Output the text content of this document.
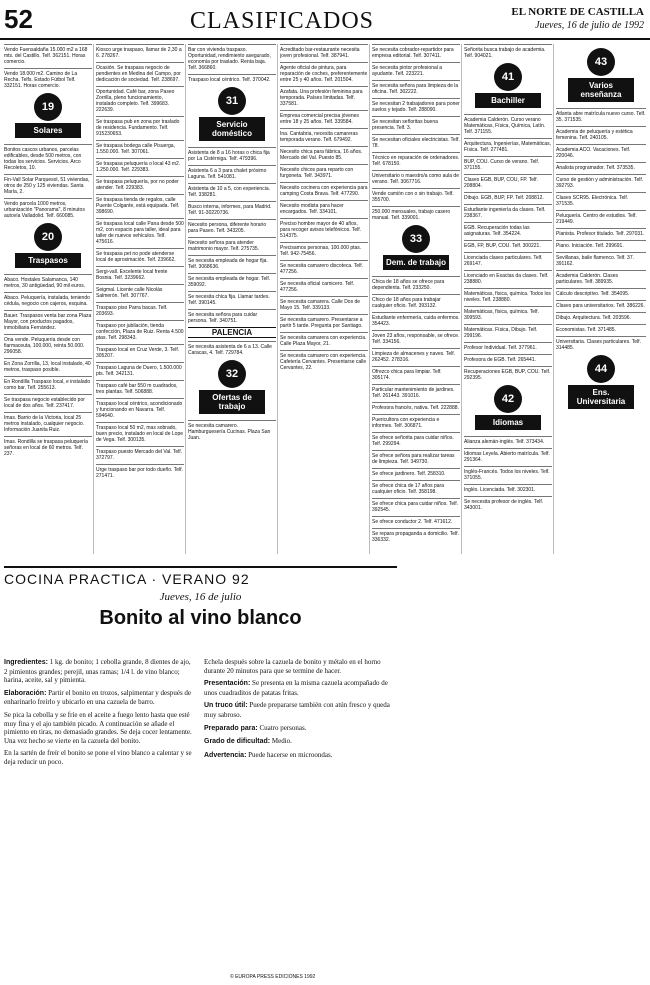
52	CLASIFICADOS	EL NORTE DE CASTILLA
Jueves, 16 de julio de 1992

Vendo Fuensaldaña 15.000 m2 a 168 mts. del Castillo. Telf. 362151. Horas comercio.

Vendo 18.000 m2. Camino de La Recha. Telfs. Estado Fútbol Telf. 332151. Horas comercio.

19
Solares

Bonitos cascos urbanos, parcelas edificables, desde 500 metros, con todas los servicios. Servicios. Arco Recoletos, 10.

Fin-Vall Solar Parquesol, 51 viviendas, otros de 250 y 125 viviendas. Santa María, 2.

Vendo parcela 1000 metros, urbanización "Panorama", 8 minutos autovía Valladolid. Telf. 660085.

20
Traspasos

Abaco. Hostales Salamanca, 140 metros, 30 antigüedad, 90 mil euros.

Abaco. Peluquería, instalada, teniendo cédula, negocio con cajeros, esquina.

Bauer. Traspasos venta bar zona Plaza Mayor, con productos pagados, inmobiliaria Fernández.

Ona vende. Peluquería desde con fiarmaceuta, 100.000, reinta 50.000. 296058.

En Zona Zorrilla, 13, local instalado, 40 metros, traspaso posible.

En Rondilla Traspaso local, e instalado como bar. Telf. 255613.

Se traspasa negocio establecido por local de dos años. Telf. 237417.

Imas. Barrio de la Victoria, local 25 metros instalado, cualquier negocio. Información Juanita Ruiz.

Imas. Rondilla se traspasa peluquería señoras en local de 60 metros. Telf. 237.

Kiosco urge traspaso, llamar de 2,30 a 6. 278267.

Ocasión. Se traspasa negocio de pendientes en Medina del Campo, por dedicación de sociedad. Telf. 238697.

Oportunidad. Café bar, zona Paseo Zorrilla, pleno funcionamiento, instalado completo. Telf. 399683. 222639.

Se traspasa pub en zona por traslado de residencia. Fundamento. Telf. 915230653.

Se traspasa bodega calle Pisuerga, 1.550.000. Telf. 307061.

Se traspasa peluquería o local 43 m2. 1.250.000. Telf. 229383.

Se traspasa peluquería, por no poder atender. Telf. 229383.

Se traspasa tienda de regalos, calle Puente Colgante, está equipada. Telf. 398690.

Se traspasa local calle Pana desde 500 m2, con espacio para taller, ideal para taller de nuevos vehículos. Telf. 475616.

Se traspasa pet no pode atenderse local de aproximación. Telf. 239662.

Sergi-vall. Excelente local frente Bosnia. Telf. 3239662.

Seigmal. Licente calle Nicolás Salmerón. Telf. 307767.

Traspaso piso Parra bacas. Telf. 203693.

Traspaso por jubilación, tienda confección, Plaza de Ruiz. Renta 4.500 ptas. Telf. 298343.

Traspaso local en Cruz Verde, 3. Telf. 305207.

Traspaso Laguna de Duero, 1.500.000 pts. Telf. 342131.

Traspaso café bar 550 m cuadrados, tres plantas. Telf. 506888.

Traspaso local céntrico, acondicionado y funcionando en Navarra. Telf. 594640.

Traspaso local 50 m2, mas sobrado, buen precio, instalado en local de Lope de Vega. Telf. 300135.

Traspaso puesto Mercado del Val. Telf. 372797.

Urge traspaso bar por todo dueño. Telf. 271471.

Bar con vivienda traspaso. Oportunidad, rendimiento asegurado, economía por traslado. Renta baja. Telf. 366860.

Traspaso local céntrico. Telf. 370042.

31
Servicio doméstico

Asistenta de 8 a 16 horas o chica fija por La Cistérniga. Telf. 479396.

Asistenta 6 a 3 para chalet próximo Laguna. Telf. 541081.

Asistenta de 10 a 5, con experiencia. Telf. 338281.

Busco interna, informes, para Madrid. Telf. 91-30220736.

Necesito persona, diferente horario para Paseo. Telf. 343205.

Necesito señora para atender matrimonio mayor. Telf. 275735.

Se necesita empleada de hogar fija. Telf. 3068636.

Se necesita empleada de hogar. Telf. 359092.

Se necesita chica fija. Llamar tardes. Telf. 390145.

Se necesita señora para cuidar persona. Telf. 340751.

PALENCIA

Se necesita asistenta de 6 a 13. Calle Caracas, 4. Telf. 729784.

32
Ofertas de trabajo

Se necesita camarero. Hamburguesería Cucinas. Plaza San Juan.

Acreditado bar-restaurante necesita joven profesional. Telf. 387941.

Agente oficial de pintura, para reparación de coches, preferentemente entre 25 y 40 años. Telf. 201504.

Azafata. Una profesión feminina para temporada. Países limitadas. Telf. 337581.

Empresa comercial precisa jóvenes entre 18 y 25 años. Telf. 339584.

Ina. Cantabria, necesita camareras temporada verano. Telf. 679492.

Necesito chica para fábrica, 16 años. Mercado del Val. Puesto 85.

Necesito chicos para reparto con furgoneta. Telf. 343971.

Necesito cocinera con experiencia para camping Costa Brava. Telf. 477290.

Necesito modista para hacer encargados. Telf. 334101.

Preciso hombre mayor de 40 años, para recoger avisos telefónicos. Telf. 514375.

Precisamos personas, 100.000 ptas. Telf. 942-75456.

Se necesita camarero discoteca. Telf. 477256.

Se necesita oficial carnicero. Telf. 477256.

Se necesita camarera. Calle Dos de Mayo 15. Telf. 339133.

Se necesita camarero. Presentarse a partir 5 tarde. Pregunta por Santiago.

Se necesita camarera con experiencia. Calle Plaza Mayor, 21.

Se necesita camarero con experiencia. Cafetería Cervantes. Presentarse calle Cervantes, 22.

Se necesita cobrador-repartidor para empresa editorial. Telf. 307411.

Se necesita pintor profesional a ayudante. Telf. 223221.

Se necesita señora para limpieza de la oficina. Telf. 302222.

Se necesitan 2 trabajadores para poner suelos y tejado. Telf. 288090.

Se necesitan señoritas buena presencia. Telf. 3.

Se necesitan oficiales electricistas. Telf. 78.

Técnico en reparación de ordenadores. Telf. 678150.

Universitario o maestro/a como aula de verano. Telf. 3067716.

Vende camión con o sin trabajo. Telf. 355700.

250.000 mensuales, trabajo casero manual. Telf. 339001.

33
Dem. de trabajo

Chica de 18 años se ofrece para dependienta. Telf. 233250.

Chico de 18 años para trabajar cualquier oficio. Telf. 393132.

Estudiante enfermería, cuida enfermos. 354423.

Joven 23 años, responsable, se ofrece. Telf. 334156.

Limpieza de almacenes y naves. Telf. 262452. 278316.

Ofrezco chica para limpiar. Telf. 305174.

Particular mantenimiento de jardines. Telf. 261443. 391016.

Profesora francés, nativa. Telf. 222888.

Puericultora con experiencia e informes. Telf. 306871.

Se ofrece señorita para cuidar niños. Telf. 299294.

Se ofrece señora para realizar tareas de limpieza. Telf. 349730.

Se ofrece jardinero. Telf. 258310.

Se ofrece chica de 17 años para cualquier oficio. Telf. 358198.

Se ofrece chica para cuidar niños. Telf. 392545.

Se ofrece conductor 2. Telf. 471612.

Se repara propaganda a domicilio. Telf. 336332.

Señorita busca trabajo de academia. Telf. 904021.

41
Bachiller

Academia Calderón. Curso verano Matemáticas, Física, Química, Latín. Telf. 371155.

Arquitectura, Ingenierías, Matemáticas, Física. Telf. 277481.

BUP, COU. Curso de verano. Telf. 371155.

Clases EGB, BUP, COU, FP. Telf. 208804.

Dibujo. EGB, BUP, FP. Telf. 208812.

Estudiante ingeniería da clases. Telf. 238367.

EGB. Recuperación todas las asignaturas. Telf. 354224.

EGB, FP, BUP, COU. Telf. 300221.

Licenciada clases particulares. Telf. 269147.

Licenciado en Exactas da clases. Telf. 238880.

Matemáticas, física, química. Todos los niveles. Telf. 238880.

Matemáticas, física, química. Telf. 309593.

Matemáticas. Física, Dibujo. Telf. 299196.

Profesor Individual. Telf. 377961.

Profesora de EGB. Telf. 265441.

Recuperaciones EGB, BUP, COU. Telf. 292395.

42
Idiomas

Alianza alemán-inglés. Telf. 373434.

Idiomas Leyela. Abierto matrícula. Telf. 291364.

Inglés-Francés. Todos los niveles. Telf. 371055.

Inglés. Licenciada. Telf. 302301.

Se necesita profesor de inglés. Telf. 343001.

43
Varios enseñanza

Atlanta abre matrícula nuevo curso. Telf. 35. 371535.

Academia de peluquería y estética femenina. Telf. 240105.

Academia ACO. Vacaciones. Telf. 220046.

Analista programador. Telf. 373535.

Curso de gestión y administración. Telf. 392793.

Clases SCR95. Electrónica. Telf. 371535.

Peluquería. Centro de estudios. Telf. 219449.

Pianista. Profesor titulado. Telf. 297031.

Piano. Iniciación. Telf. 299691.

Sevillanas, baile flamenco. Telf. 37. 391162.

Academia Calderón. Clases particulares. Telf. 389935.

Cálculo descriptivo. Telf. 354095.

Clases para universitarios. Telf. 386226.

Dibujo. Arquitectura. Telf. 203596.

Economistas. Telf. 371485.

Universitaria. Clases particulares. Telf. 314485.

44
Ens. Universitaria
COCINA PRACTICA · VERANO 92
Jueves, 16 de julio
Bonito al vino blanco

Ingredientes: 1 kg. de bonito; 1 cebolla grande, 8 dientes de ajo, 2 pimientos grandes; perejil, unas ramas; 1/4 l. de vino blanco; harina, aceite, sal y pimienta.

Elaboración: Partir el bonito en trozos, salpimentar y después de enharinarlo freírlo y ubicarlo en una cazuela de barro.

Se pica la cebolla y se fríe en el aceite a fuego lento hasta que esté muy fina y el ajo también picado. A continuación se añade el pimiento en tiras, no demasiado grandes. Se deja cocer lentamente. Una vez hecho se vierte en la cazuela del bonito.

En la sartén de freír el bonito se pone el vino blanco a calentar y se deja reducir un poco.

Echela después sobre la cazuela de bonito y métalo en el horno durante 20 minutos para que se termine de hacer.

Presentación: Se presenta en la misma cazuela acompañado de unos cuadraditos de patatas fritas.

Un truco útil: Puede prepararse también con atún fresco y queda muy sabroso.

Preparado para: Cuatro personas.

Grado de dificultad: Medio.

Advertencia: Puede hacerse en microondas.

© EUROPA PRESS EDICIONES 1992
